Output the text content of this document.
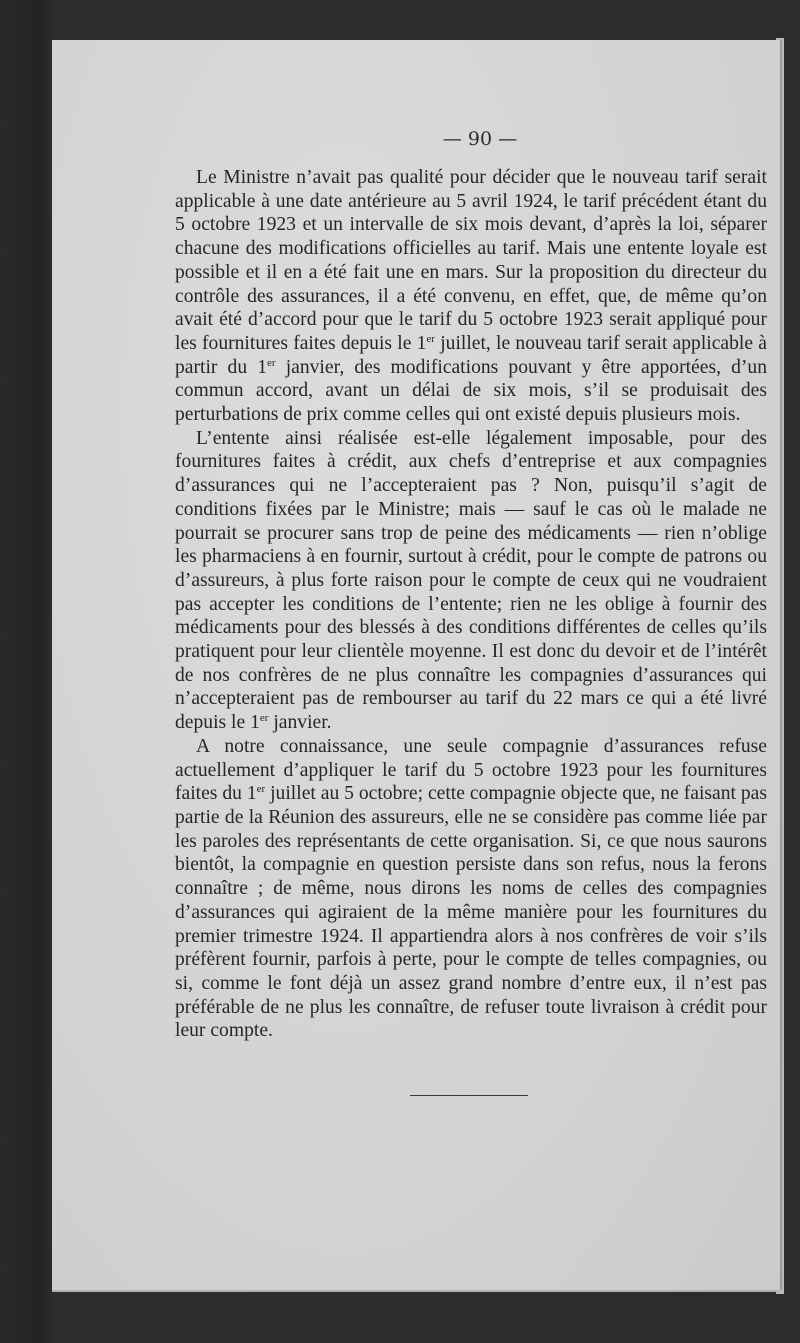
— 90 —

Le Ministre n’avait pas qualité pour décider que le nouveau tarif serait applicable à une date antérieure au 5 avril 1924, le tarif précédent étant du 5 octobre 1923 et un intervalle de six mois devant, d’après la loi, séparer chacune des modifications officielles au tarif. Mais une entente loyale est possible et il en a été fait une en mars. Sur la proposition du directeur du contrôle des assurances, il a été convenu, en effet, que, de même qu’on avait été d’accord pour que le tarif du 5 octobre 1923 serait appliqué pour les fournitures faites depuis le 1er juillet, le nouveau tarif serait applicable à partir du 1er janvier, des modifications pouvant y être apportées, d’un commun accord, avant un délai de six mois, s’il se produisait des perturbations de prix comme celles qui ont existé depuis plusieurs mois.

L’entente ainsi réalisée est-elle légalement imposable, pour des fournitures faites à crédit, aux chefs d’entreprise et aux compagnies d’assurances qui ne l’accepteraient pas ? Non, puisqu’il s’agit de conditions fixées par le Ministre; mais — sauf le cas où le malade ne pourrait se procurer sans trop de peine des médicaments — rien n’oblige les pharmaciens à en fournir, surtout à crédit, pour le compte de patrons ou d’assureurs, à plus forte raison pour le compte de ceux qui ne voudraient pas accepter les conditions de l’entente; rien ne les oblige à fournir des médicaments pour des blessés à des conditions différentes de celles qu’ils pratiquent pour leur clientèle moyenne. Il est donc du devoir et de l’intérêt de nos confrères de ne plus connaître les compagnies d’assurances qui n’accepteraient pas de rembourser au tarif du 22 mars ce qui a été livré depuis le 1er janvier.

A notre connaissance, une seule compagnie d’assurances refuse actuellement d’appliquer le tarif du 5 octobre 1923 pour les fournitures faites du 1er juillet au 5 octobre; cette compagnie objecte que, ne faisant pas partie de la Réunion des assureurs, elle ne se considère pas comme liée par les paroles des représentants de cette organisation. Si, ce que nous saurons bientôt, la compagnie en question persiste dans son refus, nous la ferons connaître ; de même, nous dirons les noms de celles des compagnies d’assurances qui agiraient de la même manière pour les fournitures du premier trimestre 1924. Il appartiendra alors à nos confrères de voir s’ils préfèrent fournir, parfois à perte, pour le compte de telles compagnies, ou si, comme le font déjà un assez grand nombre d’entre eux, il n’est pas préférable de ne plus les connaître, de refuser toute livraison à crédit pour leur compte.
